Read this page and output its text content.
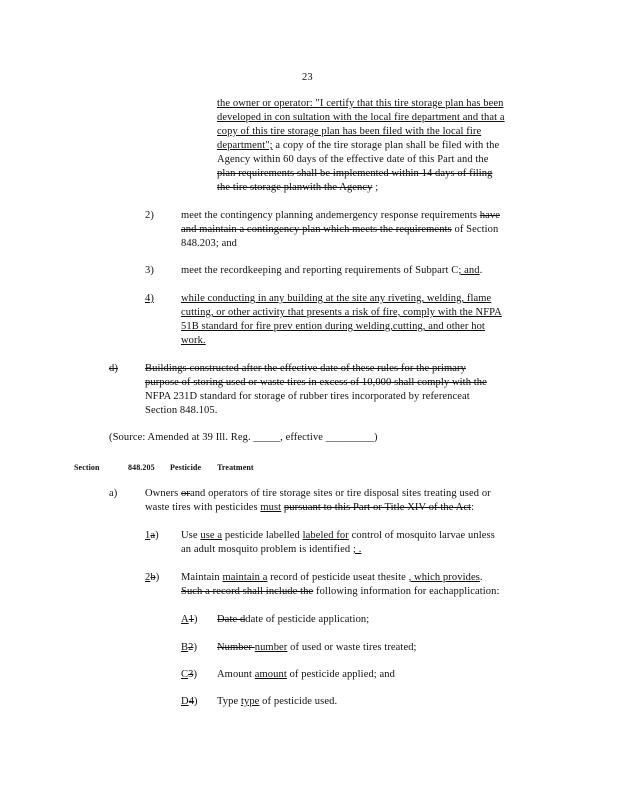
23
the owner or operator: "I certify that this tire storage plan has been
developed in con sultation with the local fire department and that a
copy of this tire storage plan has been filed with the local fire
department"; a copy of the tire storage plan shall be filed with the
Agency within 60 days of the effective date of this Part and the
plan requirements shall be implemented within 14 days of filing
the tire storage planwith the Agency ;
2)	meet the contingency planning andemergency response requirements have
and maintain a contingency plan which meets the requirements of Section
848.203; and
3)	meet the recordkeeping and reporting requirements of Subpart C; and.
4)	while conducting in any building at the site any riveting, welding, flame
cutting, or other activity that presents a risk of fire, comply with the NFPA
51B standard for fire prev ention during welding,cutting, and other hot
work.
d)	Buildings constructed after the effective date of these rules for the primary
purpose of storing used or waste tires in excess of 10,000 shall comply with the
NFPA 231D standard for storage of rubber tires incorporated by referenceat
Section 848.105.
(Source: Amended at 39 Ill. Reg. _____, effective _________)
Section	848.205 Pesticide Treatment
a)	Owners orand operators of tire storage sites or tire disposal sites treating used or
waste tires with pesticides must pursuant to this Part or Title XIV of the Act:
1a) Use use a pesticide labelled labeled for control of mosquito larvae unless
an adult mosquito problem is identified ; .
2b) Maintain maintain a record of pesticide useat thesite , which provides.
Such a record shall include the following information for eachapplication:
A1) Date ddate of pesticide application;
B2) Number number of used or waste tires treated;
C3) Amount amount of pesticide applied; and
D4) Type type of pesticide used.
